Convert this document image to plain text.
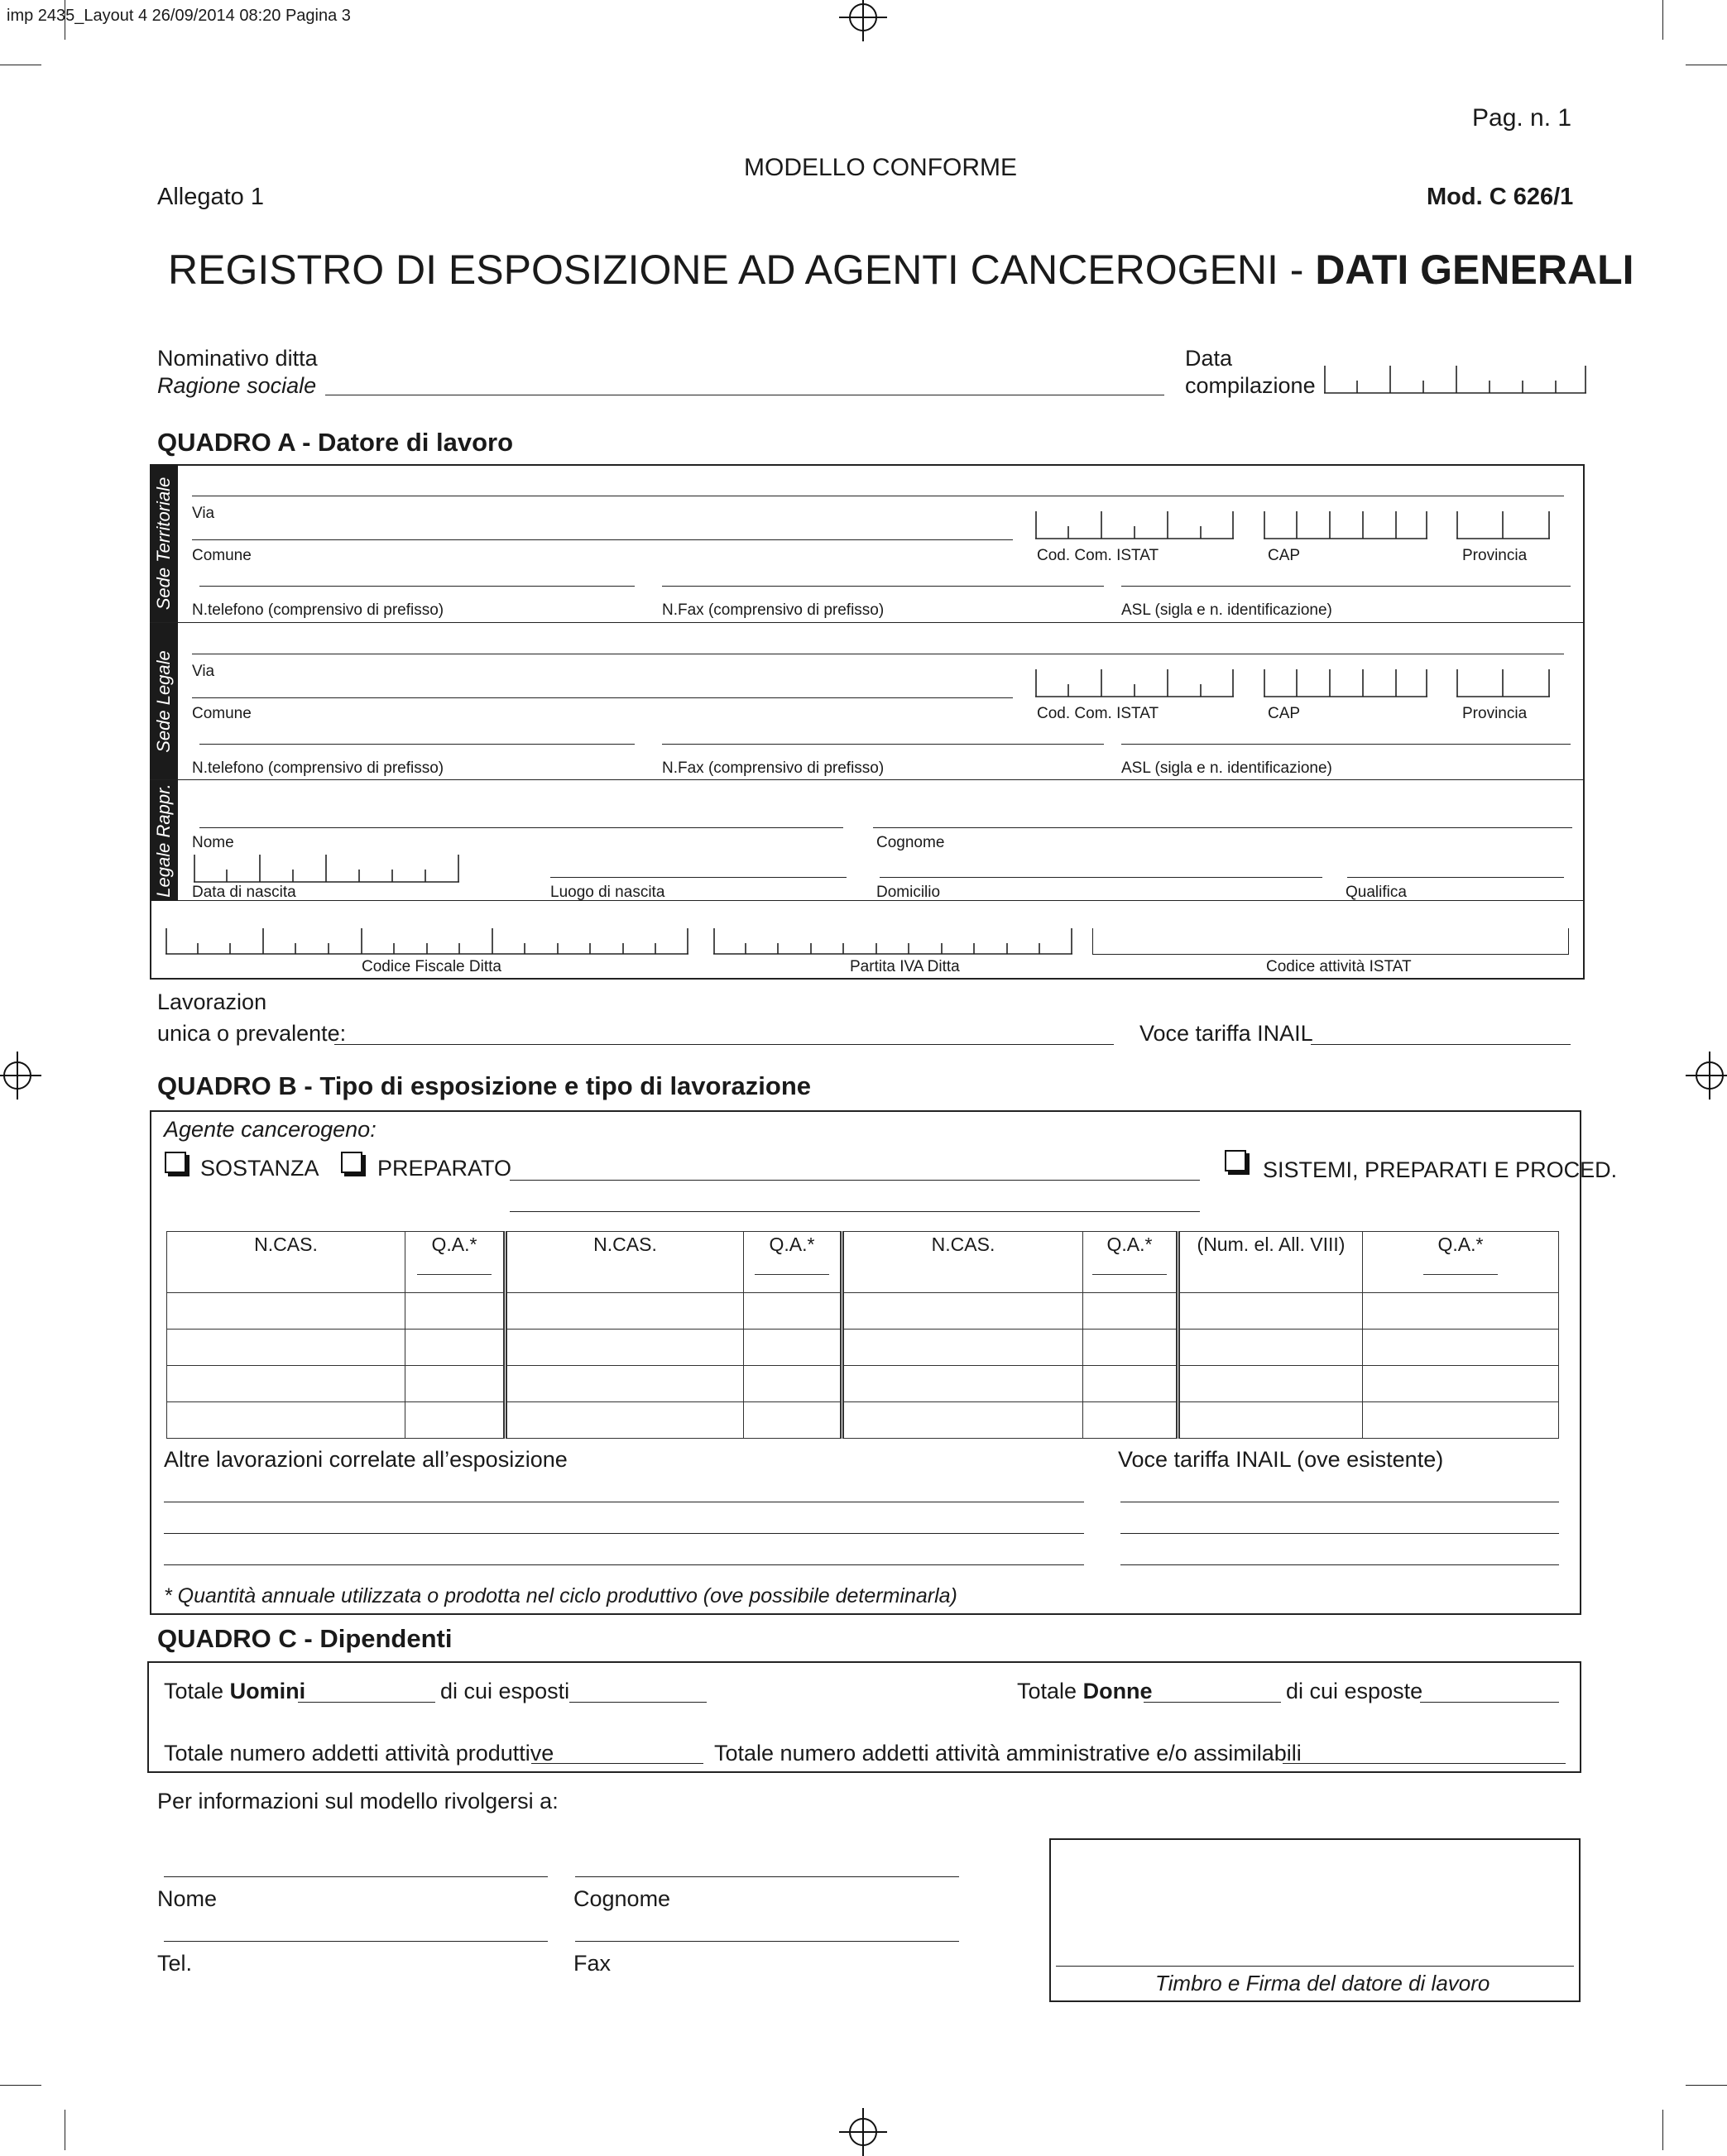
imp 2435_Layout 4 26/09/2014 08:20 Pagina 3
Pag. n. 1
MODELLO CONFORME
Allegato 1	Mod. C 626/1
REGISTRO DI ESPOSIZIONE AD AGENTI CANCEROGENI - DATI GENERALI
Nominativo ditta
Ragione sociale
Data
compilazione
QUADRO A - Datore di lavoro
Sede Territoriale
Sede Legale
Legale Rappr.
Via
Comune	Cod. Com. ISTAT	CAP	Provincia
N.telefono (comprensivo di prefisso)	N.Fax (comprensivo di prefisso)	ASL (sigla e n. identificazione)
Via
Comune	Cod. Com. ISTAT	CAP	Provincia
N.telefono (comprensivo di prefisso)	N.Fax (comprensivo di prefisso)	ASL (sigla e n. identificazione)
Nome	Cognome
Data di nascita	Luogo di nascita	Domicilio	Qualifica
Codice Fiscale Ditta	Partita IVA Ditta	Codice attività ISTAT
Lavorazion
unica o prevalente:	Voce tariffa INAIL
QUADRO B - Tipo di esposizione e tipo di lavorazione
Agente cancerogeno:
SOSTANZA	PREPARATO	SISTEMI, PREPARATI E PROCED.
N.CAS.	Q.A.*	N.CAS.	Q.A.*	N.CAS.	Q.A.*	(Num. el. All. VIII)	Q.A.*

Altre lavorazioni correlate all’esposizione	Voce tariffa INAIL (ove esistente)
* Quantità annuale utilizzata o prodotta nel ciclo produttivo (ove possibile determinarla)
QUADRO C - Dipendenti
Totale Uomini	di cui esposti	Totale Donne	di cui esposte
Totale numero addetti attività produttive	Totale numero addetti attività amministrative e/o assimilabili
Per informazioni sul modello rivolgersi a:
Nome	Cognome
Tel.	Fax
Timbro e Firma del datore di lavoro
